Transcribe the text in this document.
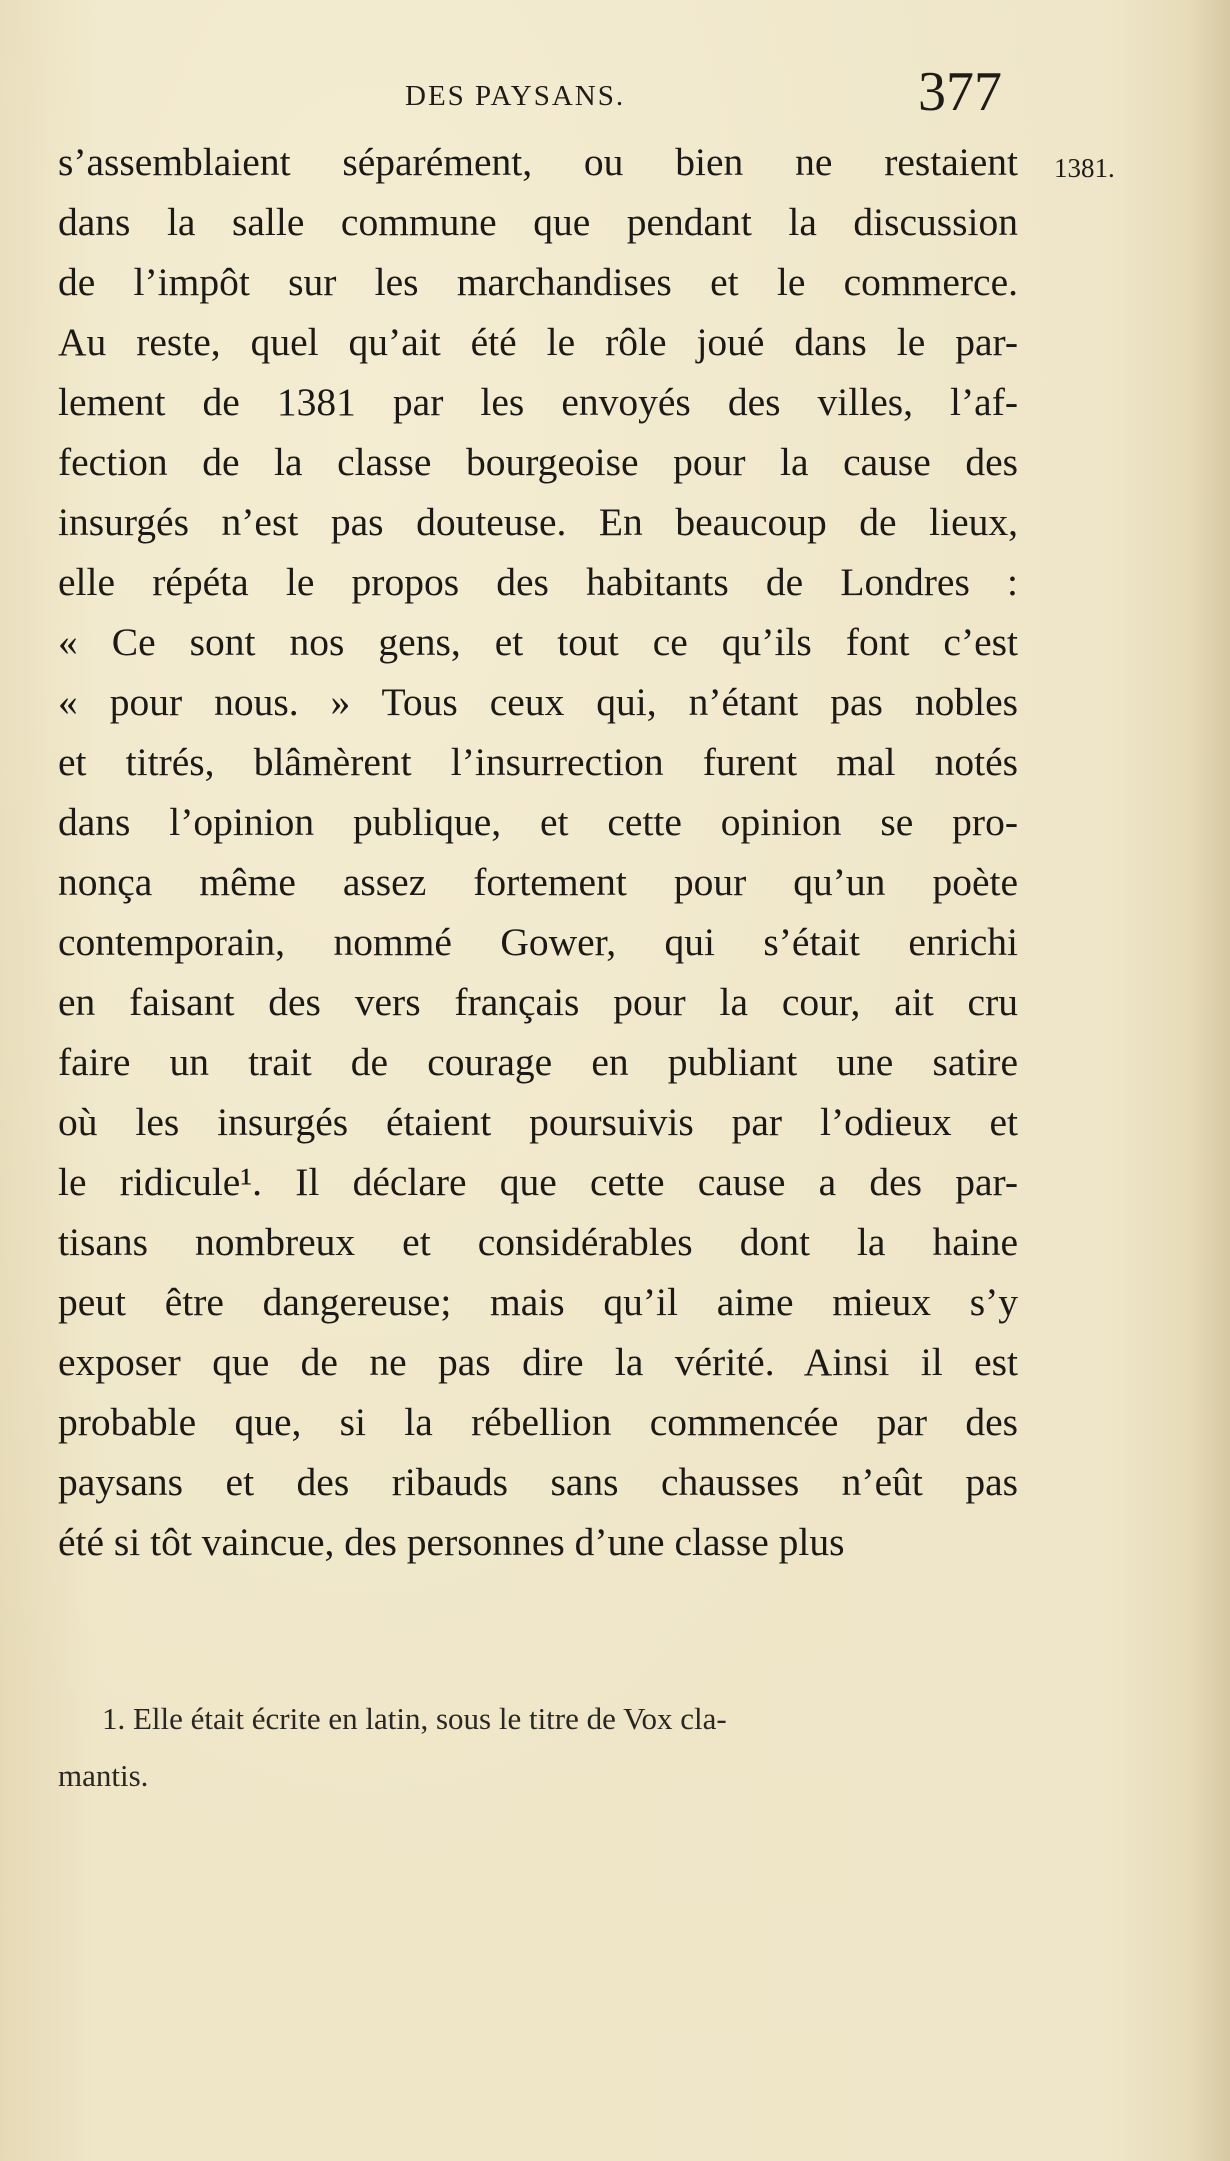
DES PAYSANS.	377
1381.
s’assemblaient séparément, ou bien ne restaient
dans la salle commune que pendant la discussion
de l’impôt sur les marchandises et le commerce.
Au reste, quel qu’ait été le rôle joué dans le par-
lement de 1381 par les envoyés des villes, l’af-
fection de la classe bourgeoise pour la cause des
insurgés n’est pas douteuse. En beaucoup de lieux,
elle répéta le propos des habitants de Londres :
« Ce sont nos gens, et tout ce qu’ils font c’est
« pour nous. » Tous ceux qui, n’étant pas nobles
et titrés, blâmèrent l’insurrection furent mal notés
dans l’opinion publique, et cette opinion se pro-
nonça même assez fortement pour qu’un poète
contemporain, nommé Gower, qui s’était enrichi
en faisant des vers français pour la cour, ait cru
faire un trait de courage en publiant une satire
où les insurgés étaient poursuivis par l’odieux et
le ridicule¹. Il déclare que cette cause a des par-
tisans nombreux et considérables dont la haine
peut être dangereuse; mais qu’il aime mieux s’y
exposer que de ne pas dire la vérité. Ainsi il est
probable que, si la rébellion commencée par des
paysans et des ribauds sans chausses n’eût pas
été si tôt vaincue, des personnes d’une classe plus
1. Elle était écrite en latin, sous le titre de Vox cla-
mantis.
